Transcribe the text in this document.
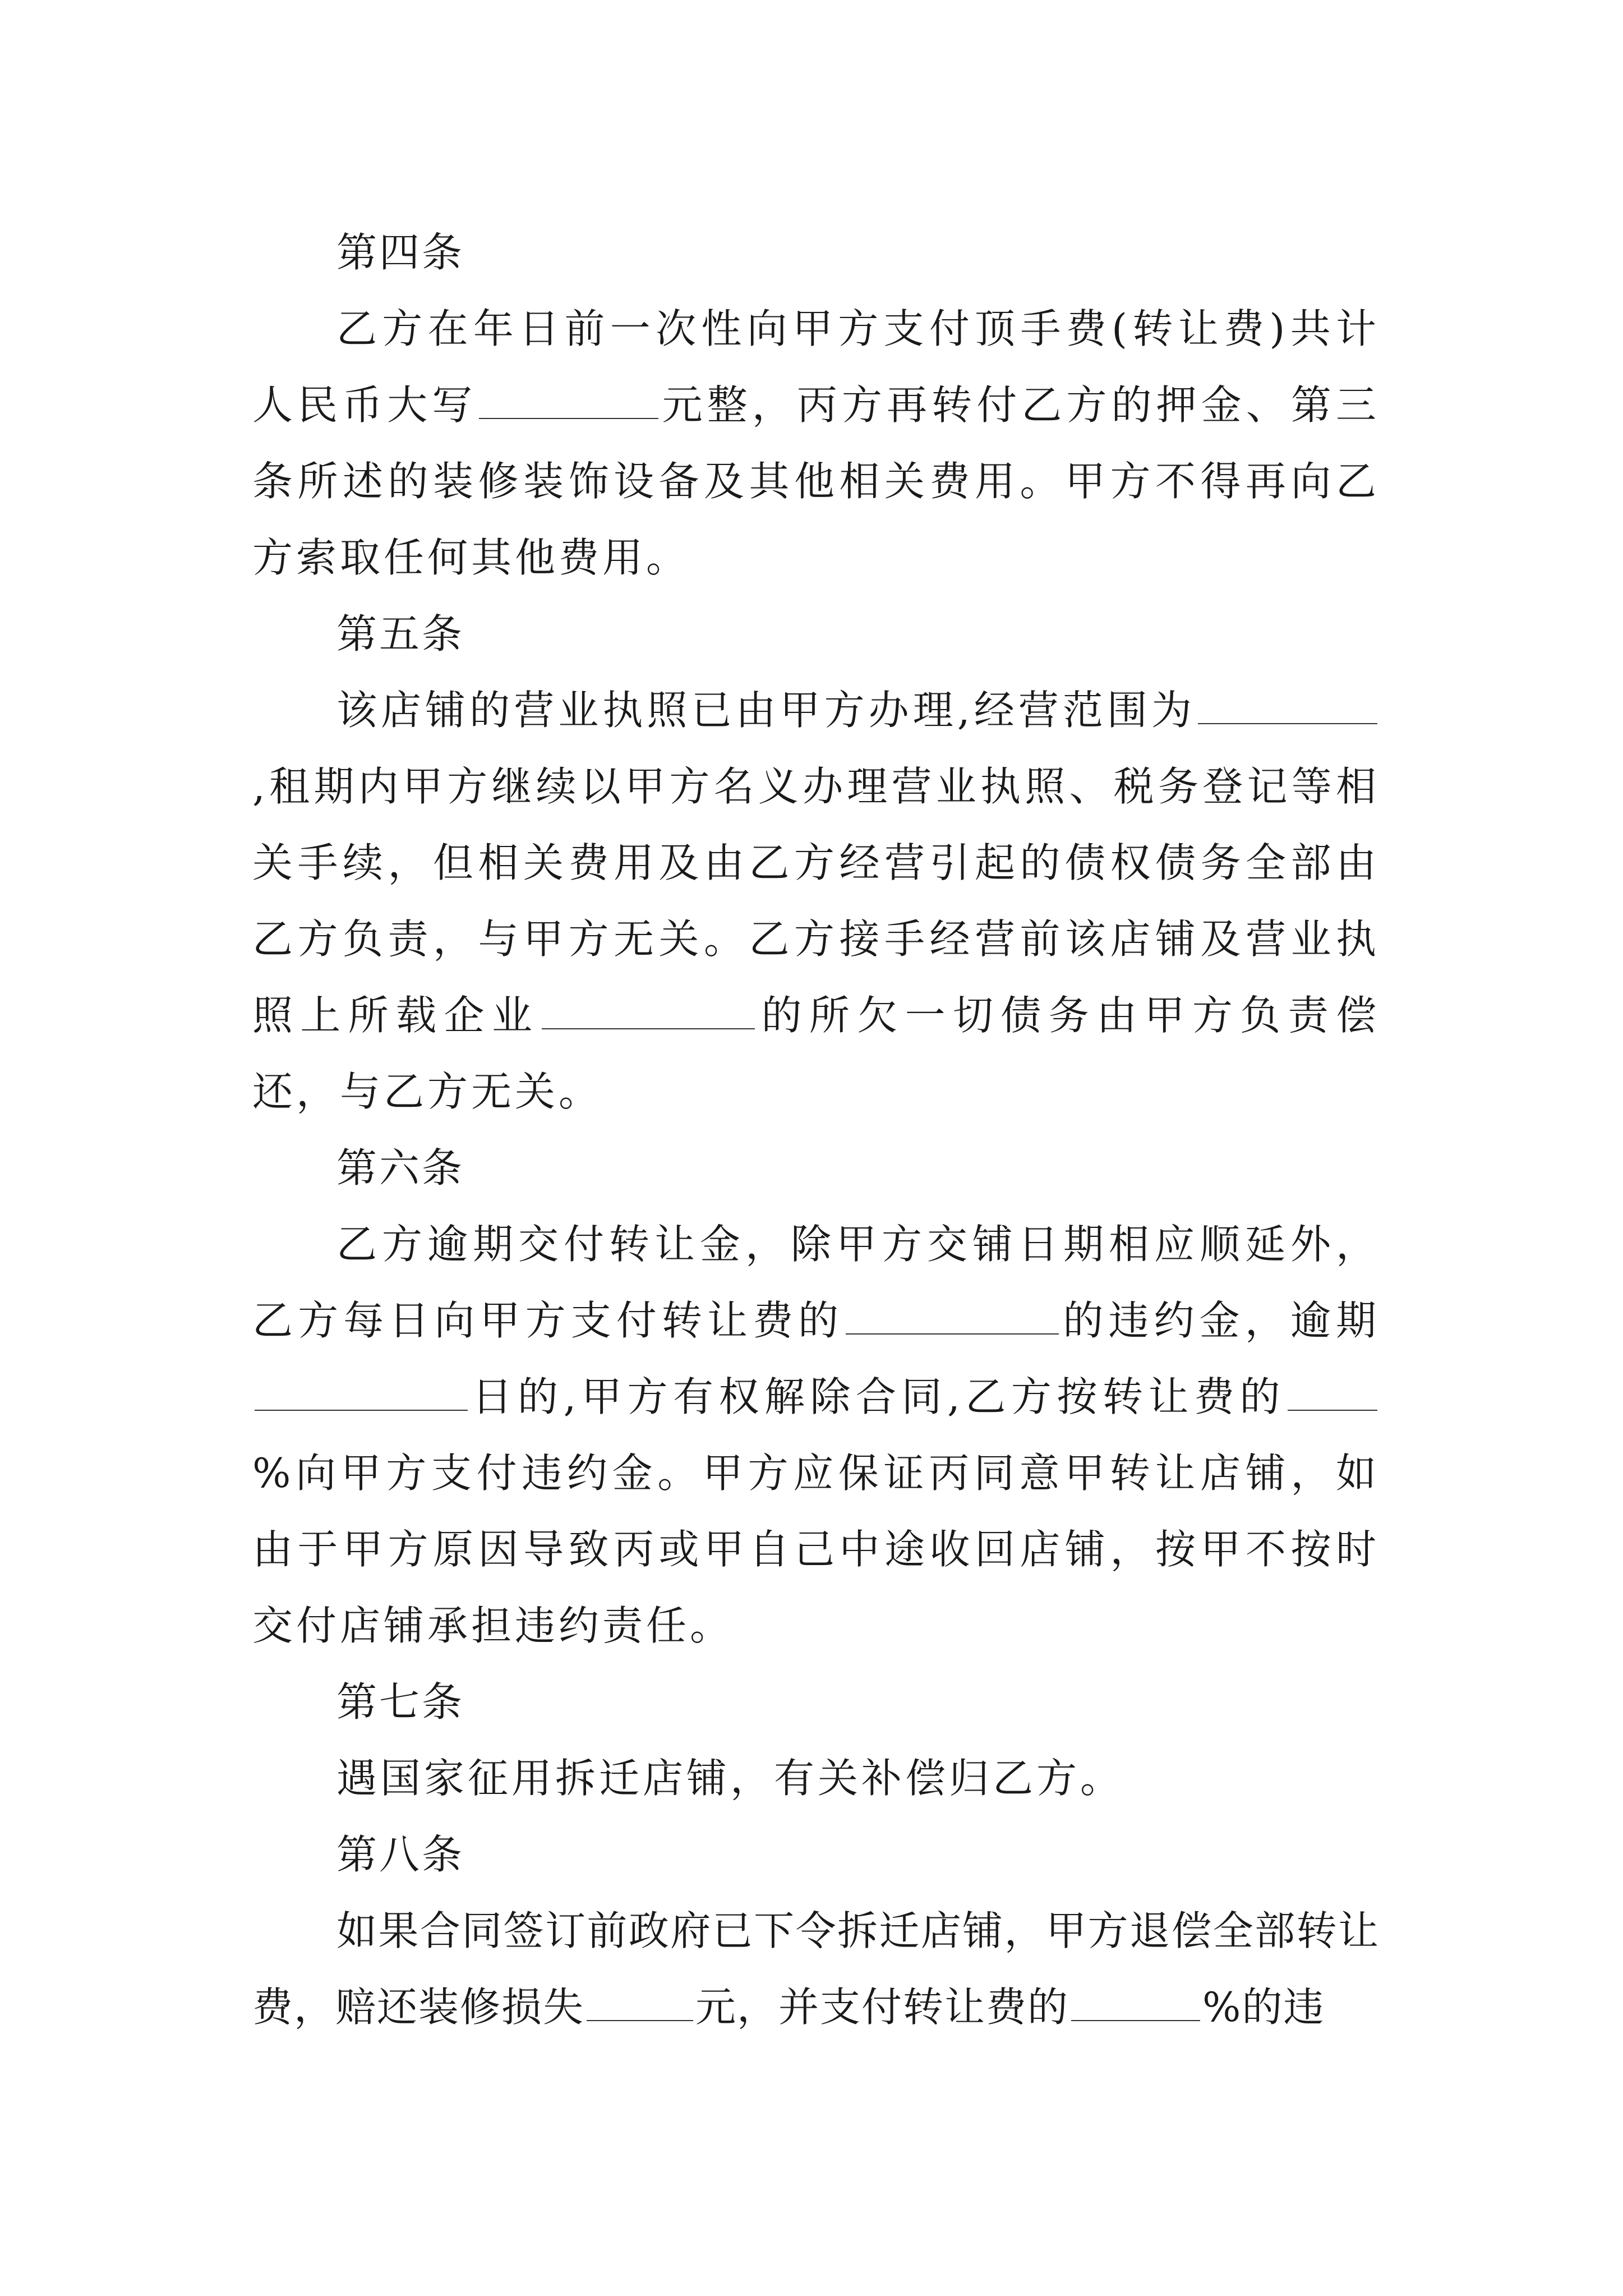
第四条

乙方在年日前一次性向甲方支付顶手费(转让费)共计人民币大写	元整，丙方再转付乙方的押金、第三条所述的装修装饰设备及其他相关费用。甲方不得再向乙方索取任何其他费用。

第五条

该店铺的营业执照已由甲方办理,经营范围为,租期内甲方继续以甲方名义办理营业执照、税务登记等相关手续，但相关费用及由乙方经营引起的债权债务全部由乙方负责，与甲方无关。乙方接手经营前该店铺及营业执照上所载企业	的所欠一切债务由甲方负责偿还，与乙方无关。

第六条

乙方逾期交付转让金，除甲方交铺日期相应顺延外，乙方每日向甲方支付转让费的	的违约金，逾期日的,甲方有权解除合同,乙方按转让费的%向甲方支付违约金。甲方应保证丙同意甲转让店铺，如由于甲方原因导致丙或甲自己中途收回店铺，按甲不按时交付店铺承担违约责任。

第七条

遇国家征用拆迁店铺，有关补偿归乙方。

第八条

如果合同签订前政府已下令拆迁店铺，甲方退偿全部转让费，赔还装修损失	元，并支付转让费的	%的违
